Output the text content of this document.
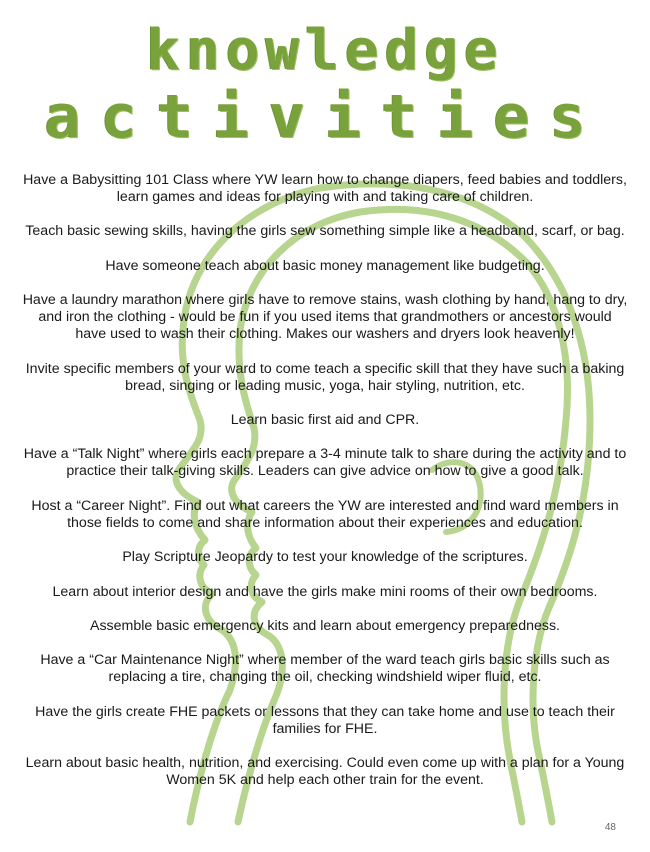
knowledge
activities
Have a Babysitting 101 Class where YW learn how to change diapers, feed babies and toddlers, learn games and ideas for playing with and taking care of children.
Teach basic sewing skills, having the girls sew something simple like a headband, scarf, or bag.
Have someone teach about basic money management like budgeting.
Have a laundry marathon where girls have to remove stains, wash clothing by hand, hang to dry, and iron the clothing - would be fun if you used items that grandmothers or ancestors would have used to wash their clothing. Makes our washers and dryers look heavenly!
Invite specific members of your ward to come teach a specific skill that they have such a baking bread, singing or leading music, yoga, hair styling, nutrition, etc.
Learn basic first aid and CPR.
Have a “Talk Night” where girls each prepare a 3-4 minute talk to share during the activity and to practice their talk-giving skills. Leaders can give advice on how to give a good talk.
Host a “Career Night”. Find out what careers the YW are interested and find ward members in those fields to come and share information about their experiences and education.
Play Scripture Jeopardy to test your knowledge of the scriptures.
Learn about interior design and have the girls make mini rooms of their own bedrooms.
Assemble basic emergency kits and learn about emergency preparedness.
Have a “Car Maintenance Night” where member of the ward teach girls basic skills such as replacing a tire, changing the oil, checking windshield wiper fluid, etc.
Have the girls create FHE packets or lessons that they can take home and use to teach their families for FHE.
Learn about basic health, nutrition, and exercising. Could even come up with a plan for a Young Women 5K and help each other train for the event.
48
